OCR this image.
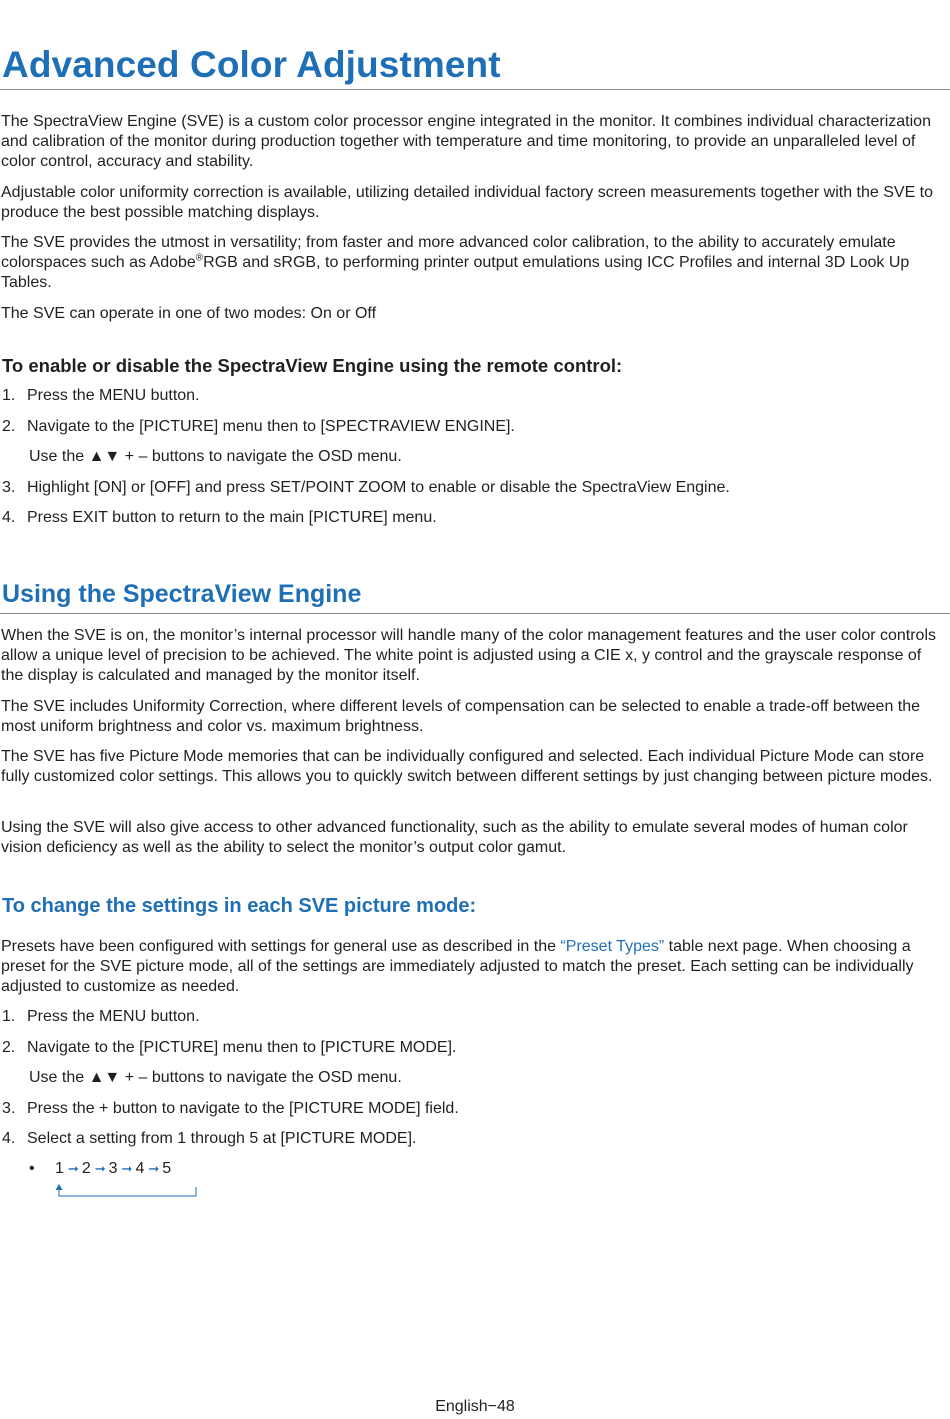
Advanced Color Adjustment

The SpectraView Engine (SVE) is a custom color processor engine integrated in the monitor. It combines individual characterization and calibration of the monitor during production together with temperature and time monitoring, to provide an unparalleled level of color control, accuracy and stability.

Adjustable color uniformity correction is available, utilizing detailed individual factory screen measurements together with the SVE to produce the best possible matching displays.

The SVE provides the utmost in versatility; from faster and more advanced color calibration, to the ability to accurately emulate colorspaces such as Adobe®RGB and sRGB, to performing printer output emulations using ICC Profiles and internal 3D Look Up Tables.

The SVE can operate in one of two modes: On or Off

To enable or disable the SpectraView Engine using the remote control:

1. Press the MENU button.

2. Navigate to the [PICTURE] menu then to [SPECTRAVIEW ENGINE].

Use the ▲▼ + – buttons to navigate the OSD menu.

3. Highlight [ON] or [OFF] and press SET/POINT ZOOM to enable or disable the SpectraView Engine.

4. Press EXIT button to return to the main [PICTURE] menu.

Using the SpectraView Engine

When the SVE is on, the monitor’s internal processor will handle many of the color management features and the user color controls allow a unique level of precision to be achieved. The white point is adjusted using a CIE x, y control and the grayscale response of the display is calculated and managed by the monitor itself.

The SVE includes Uniformity Correction, where different levels of compensation can be selected to enable a trade-off between the most uniform brightness and color vs. maximum brightness.

The SVE has five Picture Mode memories that can be individually configured and selected. Each individual Picture Mode can store fully customized color settings. This allows you to quickly switch between different settings by just changing between picture modes.

Using the SVE will also give access to other advanced functionality, such as the ability to emulate several modes of human color vision deficiency as well as the ability to select the monitor’s output color gamut.

To change the settings in each SVE picture mode:

Presets have been configured with settings for general use as described in the “Preset Types” table next page. When choosing a preset for the SVE picture mode, all of the settings are immediately adjusted to match the preset. Each setting can be individually adjusted to customize as needed.

1. Press the MENU button.

2. Navigate to the [PICTURE] menu then to [PICTURE MODE].

Use the ▲▼ + – buttons to navigate the OSD menu.

3. Press the + button to navigate to the [PICTURE MODE] field.

4. Select a setting from 1 through 5 at [PICTURE MODE].

• 1 ➞ 2 ➞ 3 ➞ 4 ➞ 5
English−48
